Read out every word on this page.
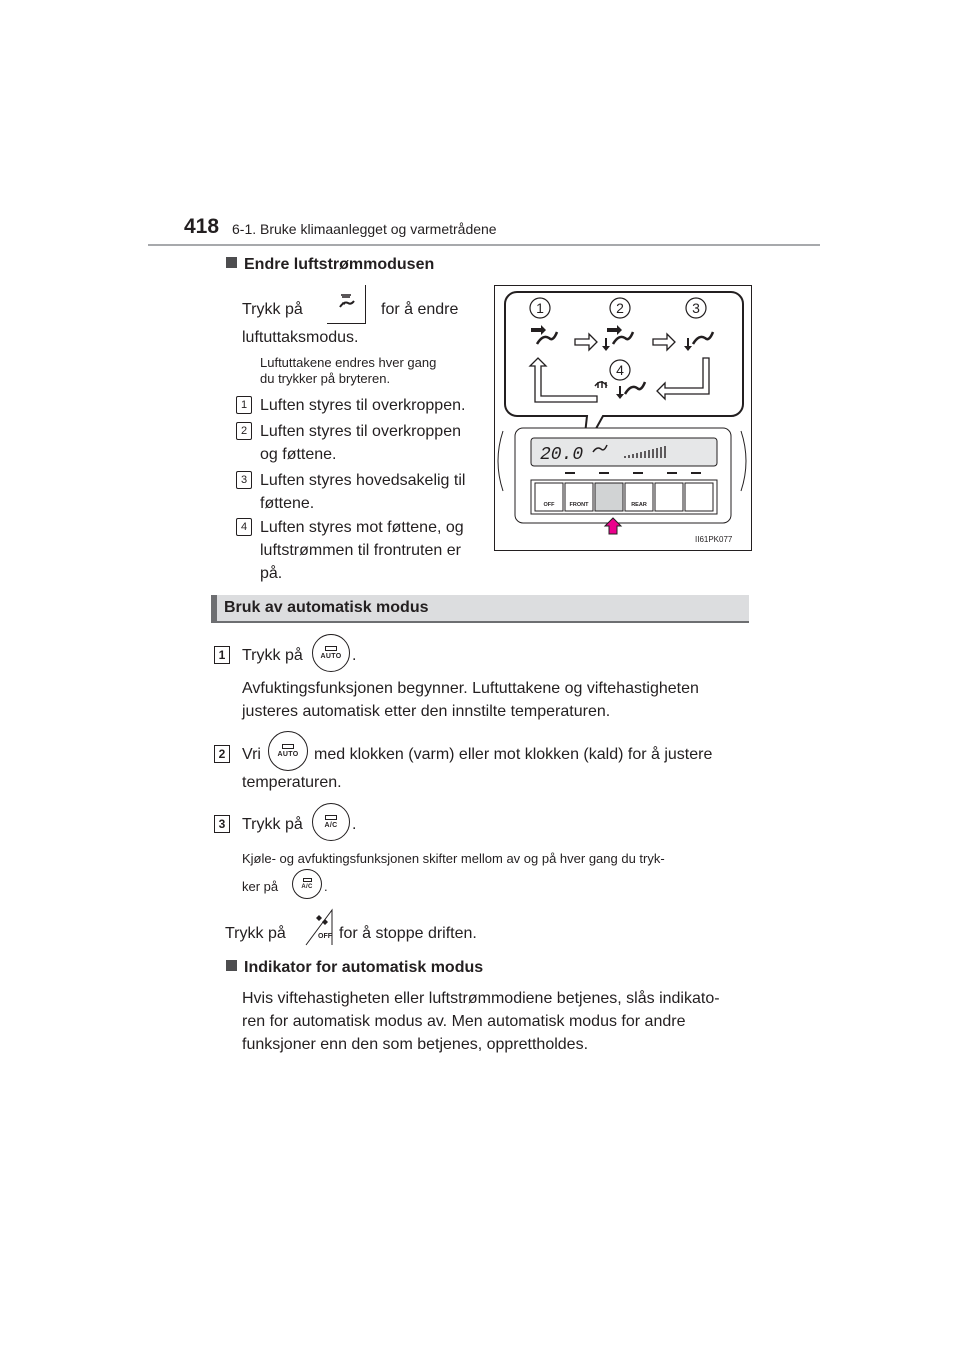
418 6-1. Bruke klimaanlegget og varmetrådene
Endre luftstrømmodusen
Trykk på	for å endre
luftuttaksmodus.
Luftuttakene endres hver gang
du trykker på bryteren.
1 Luften styres til overkroppen.
2 Luften styres til overkroppen
og føttene.
3 Luften styres hovedsakelig til
føttene.
4 Luften styres mot føttene, og
luftstrømmen til frontruten er
på.
1	2	3
4
20.0
OFF	FRONT	REAR
II61PK077
Bruk av automatisk modus
1 Trykk på	AUTO .
Avfuktingsfunksjonen begynner. Luftuttakene og viftehastigheten
justeres automatisk etter den innstilte temperaturen.
2 Vri AUTO med klokken (varm) eller mot klokken (kald) for å justere
temperaturen.
3 Trykk på	A/C .
Kjøle- og avfuktingsfunksjonen skifter mellom av og på hver gang du tryk-
ker på	A/C .
Trykk på	OFF for å stoppe driften.
Indikator for automatisk modus
Hvis viftehastigheten eller luftstrømmodiene betjenes, slås indikato-
ren for automatisk modus av. Men automatisk modus for andre
funksjoner enn den som betjenes, opprettholdes.
